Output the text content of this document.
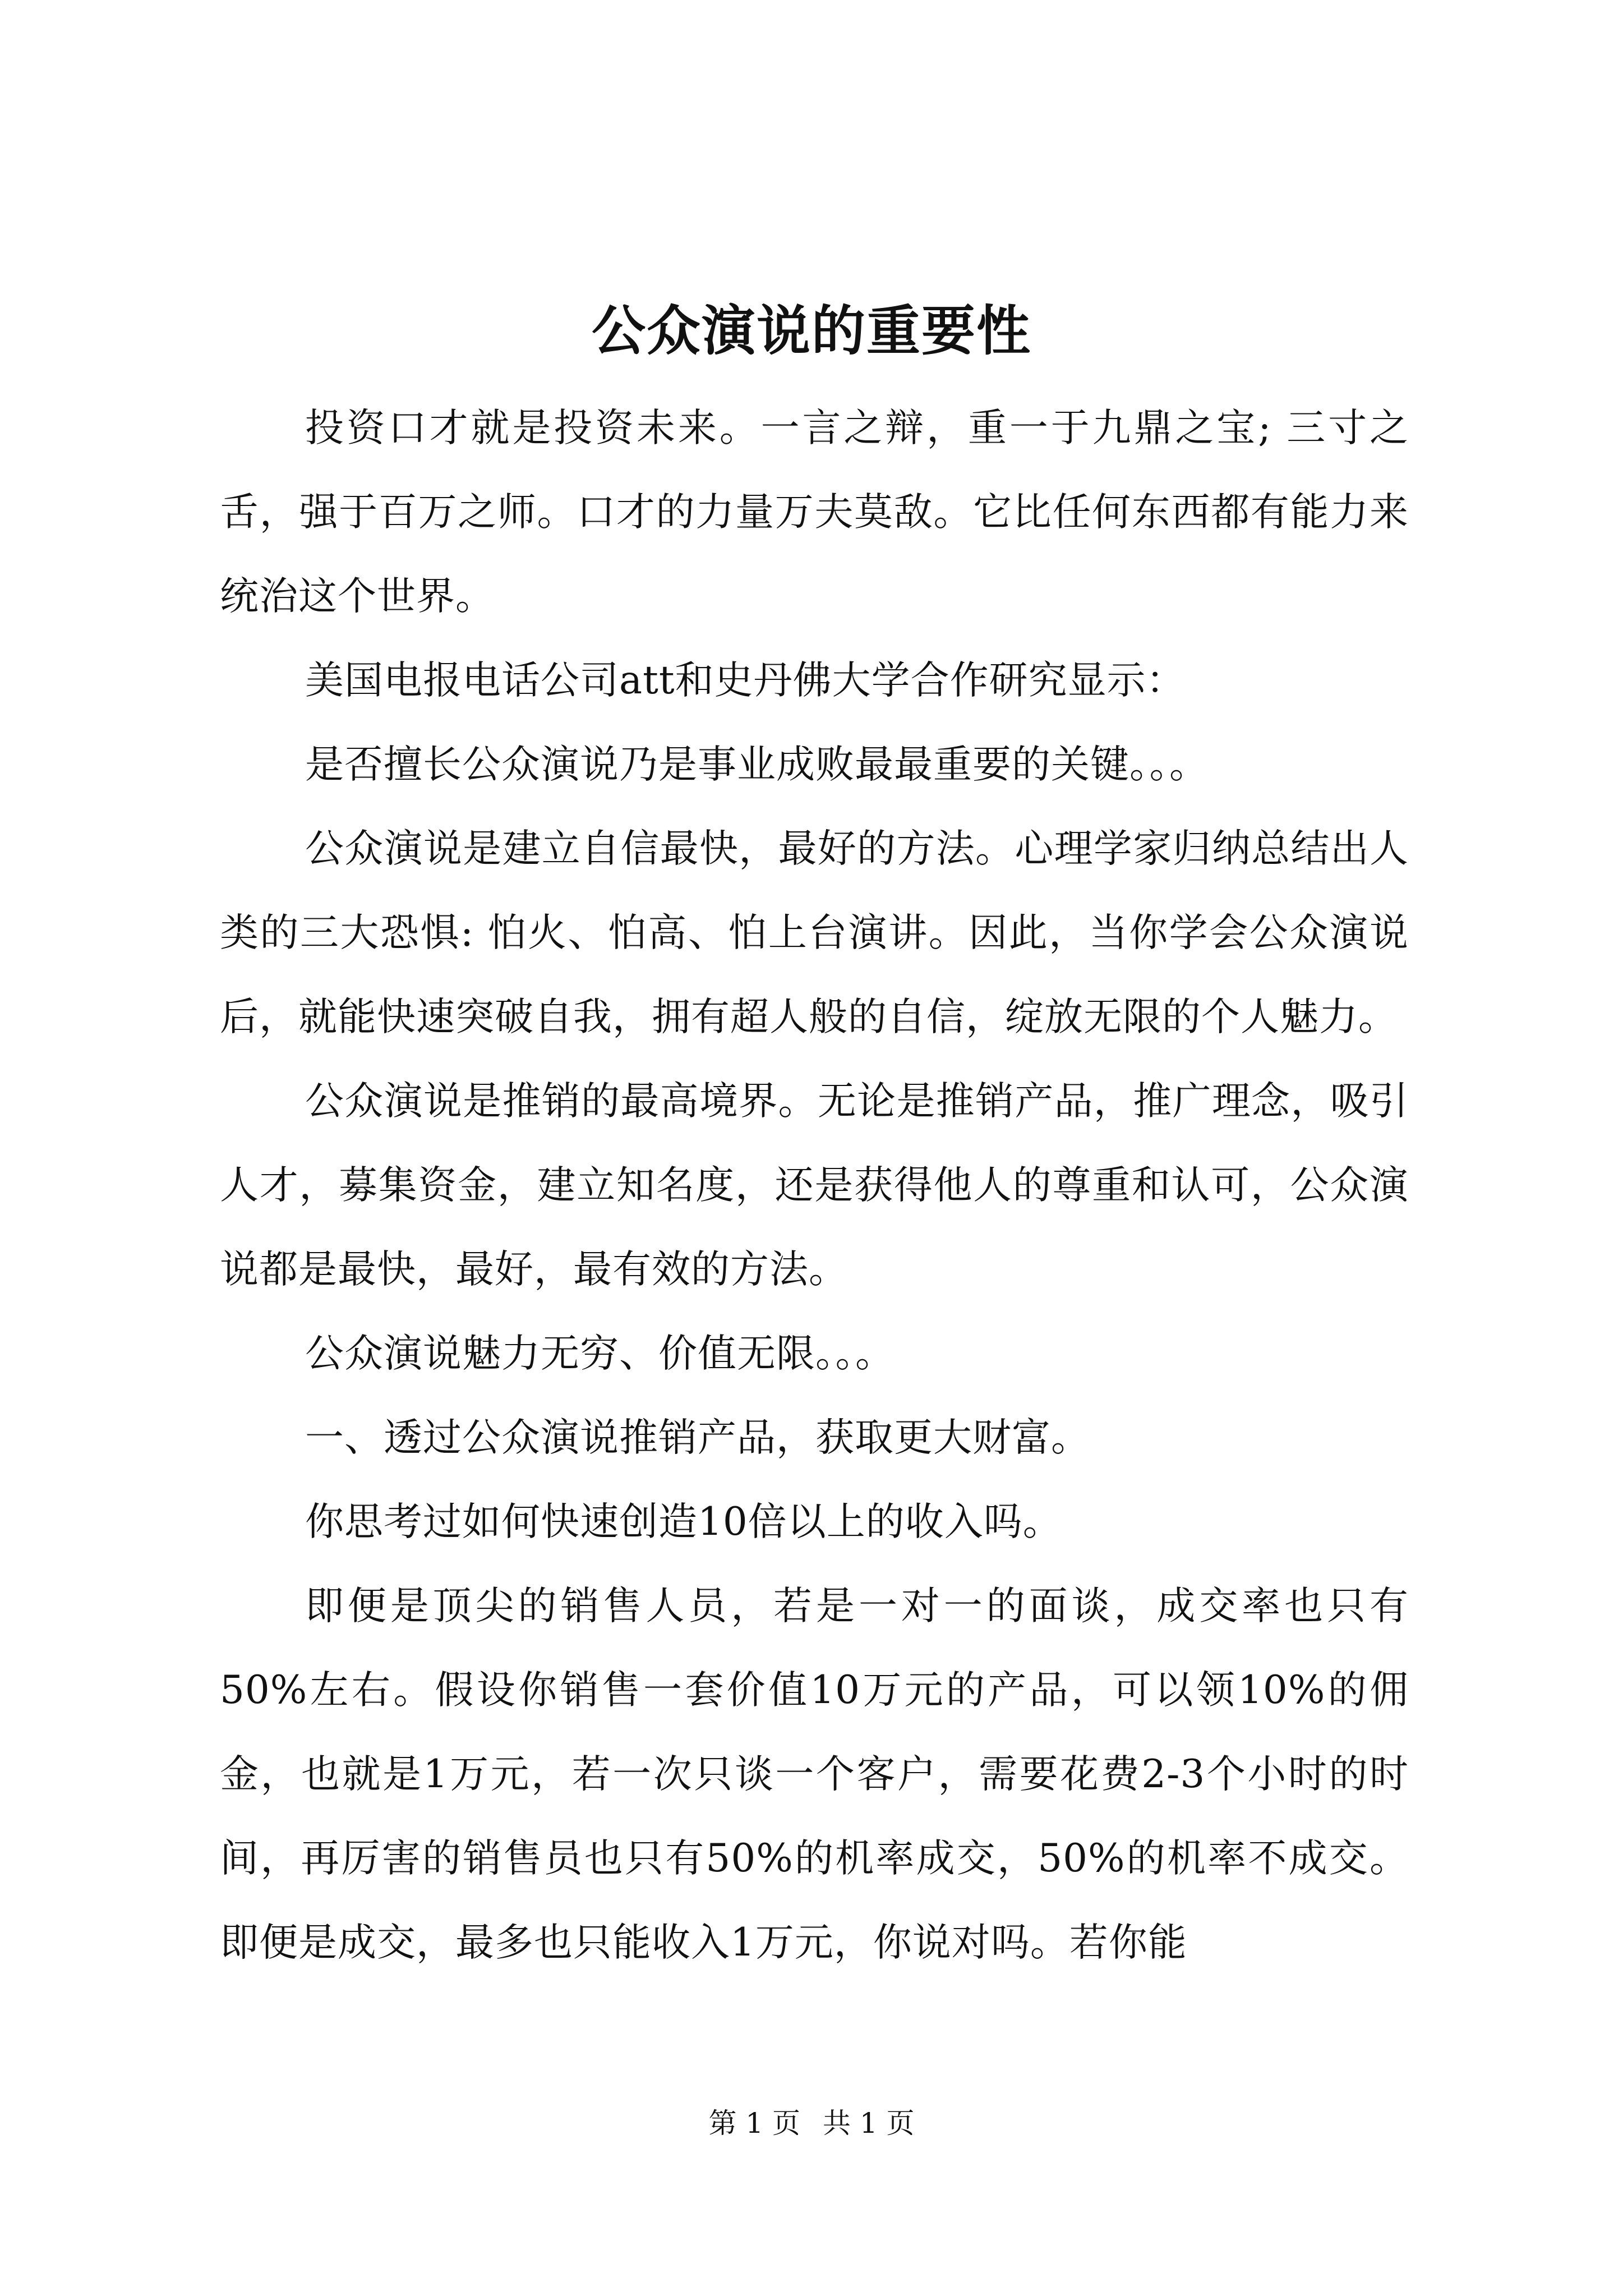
公众演说的重要性

投资口才就是投资未来。一言之辩，重一于九鼎之宝; 三寸之舌，强于百万之师。口才的力量万夫莫敌。它比任何东西都有能力来统治这个世界。

美国电报电话公司att和史丹佛大学合作研究显示：

是否擅长公众演说乃是事业成败最最重要的关键。。。

公众演说是建立自信最快，最好的方法。心理学家归纳总结出人类的三大恐惧: 怕火、怕高、怕上台演讲。因此，当你学会公众演说后，就能快速突破自我，拥有超人般的自信，绽放无限的个人魅力。

公众演说是推销的最高境界。无论是推销产品，推广理念，吸引人才，募集资金，建立知名度，还是获得他人的尊重和认可，公众演说都是最快，最好，最有效的方法。

公众演说魅力无穷、价值无限。。。

一、透过公众演说推销产品，获取更大财富。

你思考过如何快速创造10倍以上的收入吗。

即便是顶尖的销售人员，若是一对一的面谈，成交率也只有50%左右。假设你销售一套价值10万元的产品，可以领10%的佣金，也就是1万元，若一次只谈一个客户，需要花费2-3个小时的时间，再厉害的销售员也只有50%的机率成交，50%的机率不成交。即便是成交，最多也只能收入1万元，你说对吗。若你能

第 1 页 共 1 页
